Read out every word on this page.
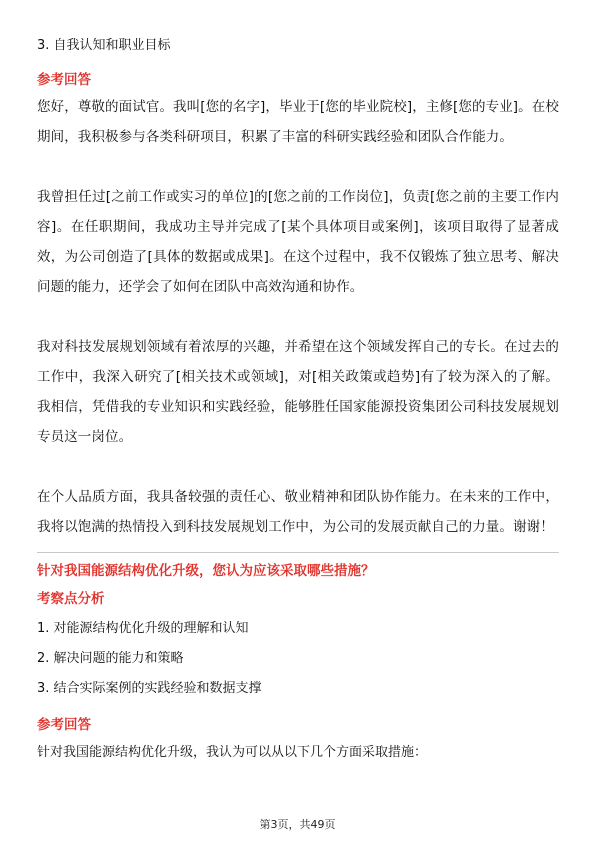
3. 自我认知和职业目标

参考回答

您好，尊敬的面试官。我叫[您的名字]，毕业于[您的毕业院校]，主修[您的专业]。在校期间，我积极参与各类科研项目，积累了丰富的科研实践经验和团队合作能力。

我曾担任过[之前工作或实习的单位]的[您之前的工作岗位]，负责[您之前的主要工作内容]。在任职期间，我成功主导并完成了[某个具体项目或案例]，该项目取得了显著成效，为公司创造了[具体的数据或成果]。在这个过程中，我不仅锻炼了独立思考、解决问题的能力，还学会了如何在团队中高效沟通和协作。

我对科技发展规划领域有着浓厚的兴趣，并希望在这个领域发挥自己的专长。在过去的工作中，我深入研究了[相关技术或领域]，对[相关政策或趋势]有了较为深入的了解。我相信，凭借我的专业知识和实践经验，能够胜任国家能源投资集团公司科技发展规划专员这一岗位。

在个人品质方面，我具备较强的责任心、敬业精神和团队协作能力。在未来的工作中，我将以饱满的热情投入到科技发展规划工作中，为公司的发展贡献自己的力量。谢谢！

针对我国能源结构优化升级，您认为应该采取哪些措施？

考察点分析

1. 对能源结构优化升级的理解和认知

2. 解决问题的能力和策略

3. 结合实际案例的实践经验和数据支撑

参考回答

针对我国能源结构优化升级，我认为可以从以下几个方面采取措施：

第3页，共49页
